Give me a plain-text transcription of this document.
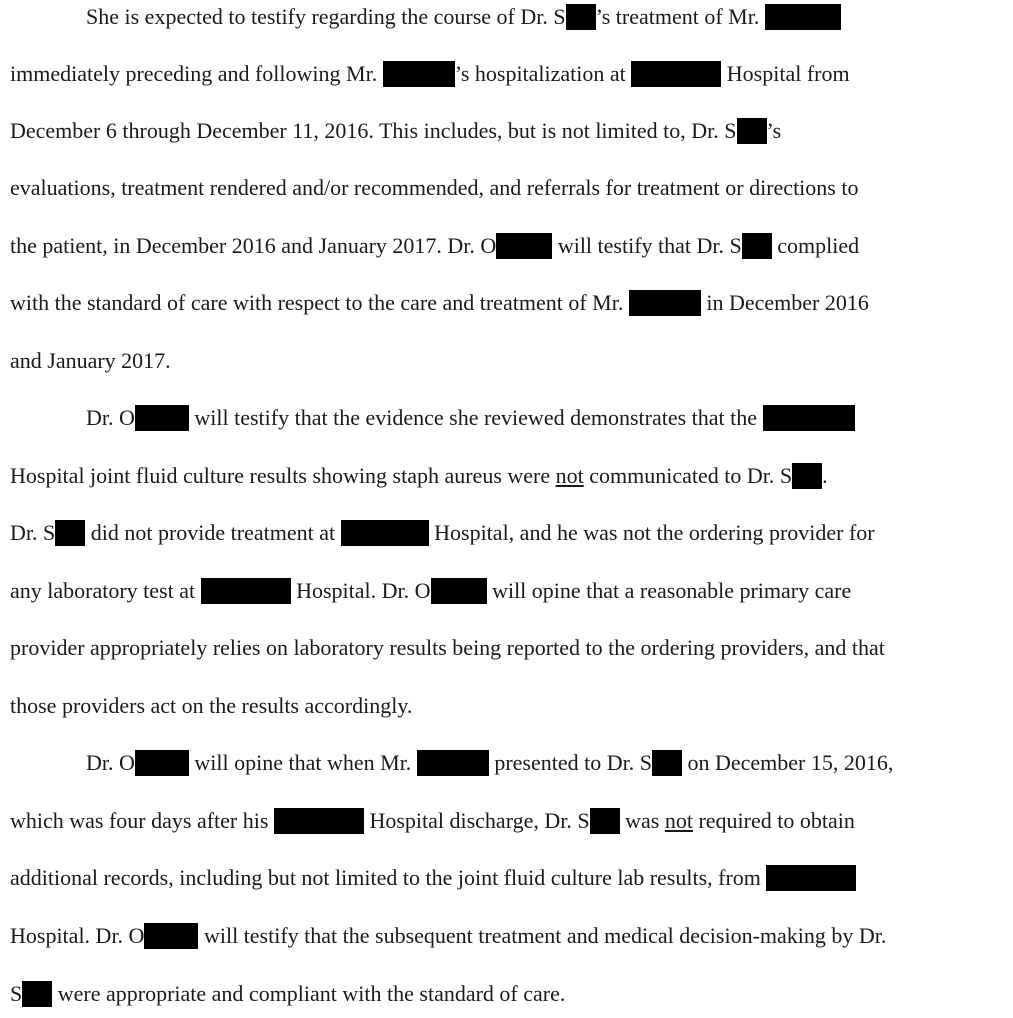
She is expected to testify regarding the course of Dr. S ’s treatment of Mr.
immediately preceding and following Mr.	’s hospitalization at	Hospital from
December 6 through December 11, 2016. This includes, but is not limited to, Dr. S ’s
evaluations, treatment rendered and/or recommended, and referrals for treatment or directions to
the patient, in December 2016 and January 2017. Dr. O	will testify that Dr. S complied
with the standard of care with respect to the care and treatment of Mr.	in December 2016
and January 2017.
Dr. O will testify that the evidence she reviewed demonstrates that the
Hospital joint fluid culture results showing staph aureus were not communicated to Dr. S .
Dr. S did not provide treatment at	Hospital, and he was not the ordering provider for
any laboratory test at	Hospital. Dr. O	will opine that a reasonable primary care
provider appropriately relies on laboratory results being reported to the ordering providers, and that
those providers act on the results accordingly.
Dr. O will opine that when Mr.	presented to Dr. S on December 15, 2016,
which was four days after his	Hospital discharge, Dr. S was not required to obtain
additional records, including but not limited to the joint fluid culture lab results, from
Hospital. Dr. O will testify that the subsequent treatment and medical decision-making by Dr.
S were appropriate and compliant with the standard of care.
